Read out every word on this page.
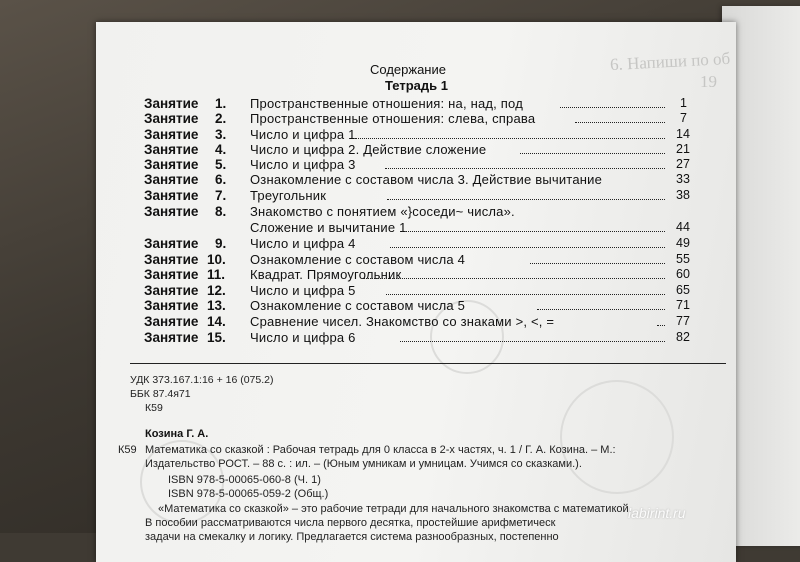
6. Напиши по об
19
Содержание
Тетрадь 1
Занятие 1. Пространственные отношения: на, над, под	1
Занятие 2. Пространственные отношения: слева, справа	7
Занятие 3. Число и цифра 1	14
Занятие 4. Число и цифра 2. Действие сложение	21
Занятие 5. Число и цифра 3	27
Занятие 6. Ознакомление с составом числа 3. Действие вычитание	33
Занятие 7. Треугольник	38
Занятие 8. Знакомство с понятием «}соседи~ числа».
Сложение и вычитание 1	44
Занятие 9. Число и цифра 4	49
Занятие 10. Ознакомление с составом числа 4	55
Занятие 11. Квадрат. Прямоугольник	60
Занятие 12. Число и цифра 5	65
Занятие 13. Ознакомление с составом числа 5	71
Занятие 14. Сравнение чисел. Знакомство со знаками >, <, =	77
Занятие 15. Число и цифра 6	82
УДК 373.167.1:16 + 16 (075.2)
ББК 87.4я71
К59
Козина Г. А.
К59 Математика со сказкой : Рабочая тетрадь для 0 класса в 2-х частях, ч. 1 / Г. А. Козина. – М.:
Издательство РОСТ. – 88 с. : ил. – (Юным умникам и умницам. Учимся со сказками.).
ISBN 978-5-00065-060-8 (Ч. 1)
ISBN 978-5-00065-059-2 (Общ.)
«Математика со сказкой» – это рабочие тетради для начального знакомства с математикой.
В пособии рассматриваются числа первого десятка, простейшие арифметическ
задачи на смекалку и логику. Предлагается система разнообразных, постепенно
labirint.ru
